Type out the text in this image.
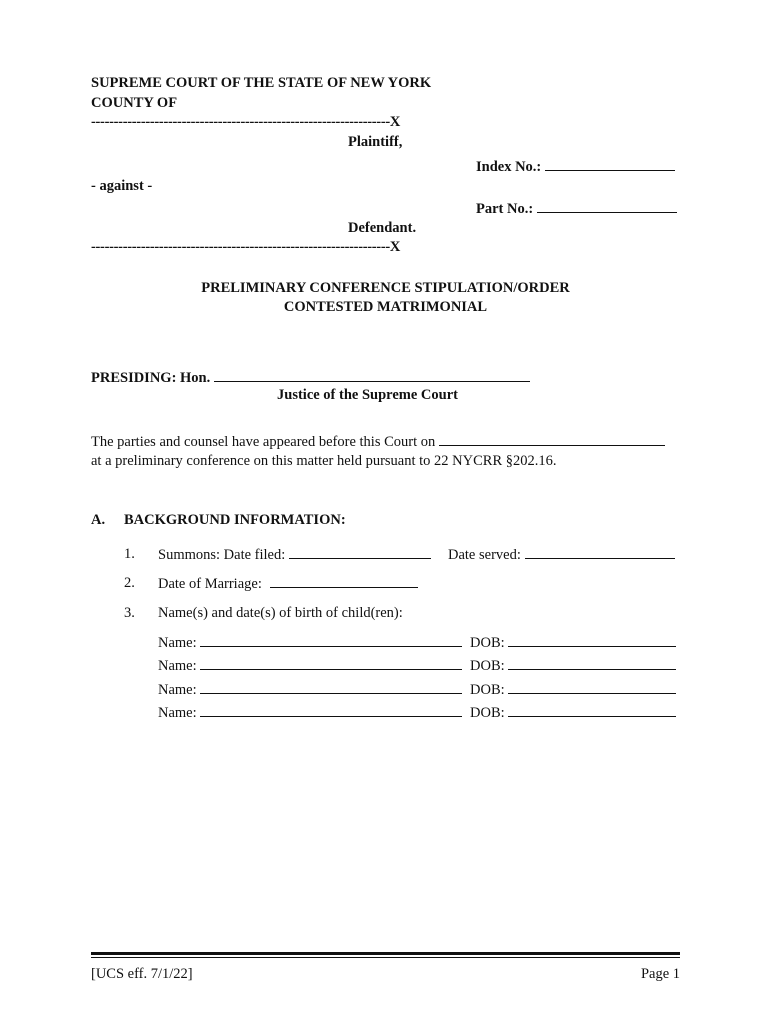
SUPREME COURT OF THE STATE OF NEW YORK
COUNTY OF
------------------------------------------------------------------X
Plaintiff,
Index No.:
- against -
Part No.:
Defendant.
------------------------------------------------------------------X
PRELIMINARY CONFERENCE STIPULATION/ORDER
CONTESTED MATRIMONIAL
PRESIDING: Hon.
Justice of the Supreme Court
The parties and counsel have appeared before this Court on
at a preliminary conference on this matter held pursuant to 22 NYCRR §202.16.
A. BACKGROUND INFORMATION:
1. Summons: Date filed:	Date served:
2. Date of Marriage:
3. Name(s) and date(s) of birth of child(ren):
Name:	DOB:
Name:	DOB:
Name:	DOB:
Name:	DOB:
[UCS eff. 7/1/22]	Page 1
